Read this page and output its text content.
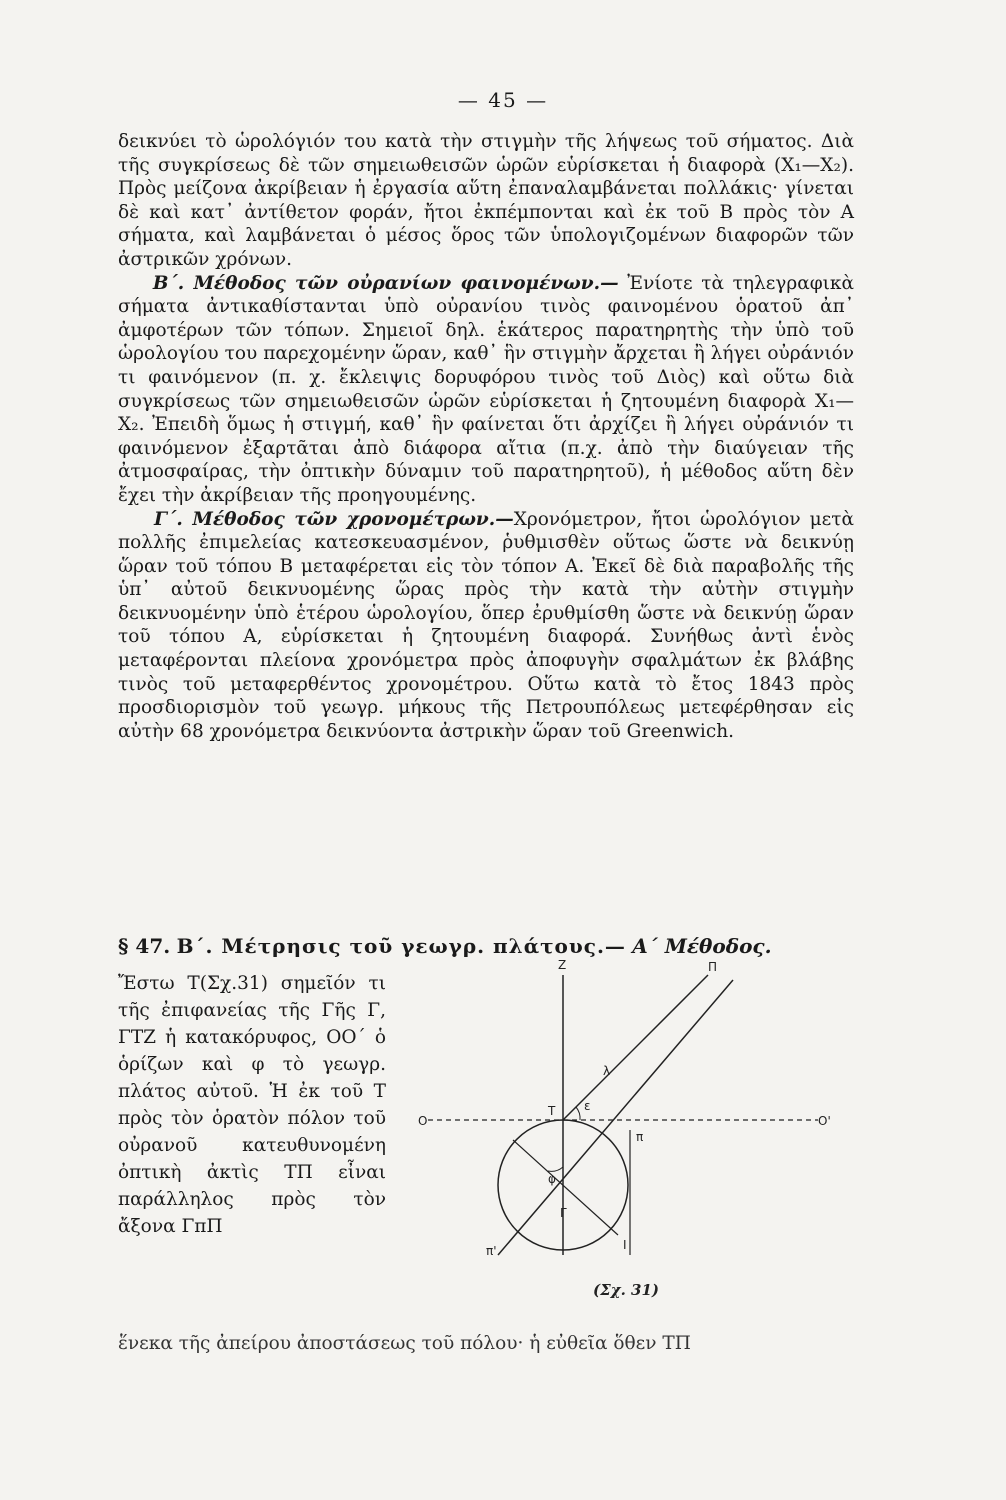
— 45 —

δεικνύει τὸ ὡρολόγιόν του κατὰ τὴν στιγμὴν τῆς λήψεως τοῦ σήματος. Διὰ τῆς συγκρίσεως δὲ τῶν σημειωθεισῶν ὡρῶν εὑρίσκεται ἡ διαφορὰ (X₁—X₂). Πρὸς μείζονα ἀκρίβειαν ἡ ἐργασία αὕτη ἐπαναλαμβάνεται πολλάκις· γίνεται δὲ καὶ κατ᾽ ἀντίθετον φοράν, ἤτοι ἐκπέμπονται καὶ ἐκ τοῦ B πρὸς τὸν A σήματα, καὶ λαμβάνεται ὁ μέσος ὅρος τῶν ὑπολογιζομένων διαφορῶν τῶν ἀστρικῶν χρόνων.

Β΄. Μέθοδος τῶν οὐρανίων φαινομένων.— Ἐνίοτε τὰ τηλεγραφικὰ σήματα ἀντικαθίστανται ὑπὸ οὐρανίου τινὸς φαινομένου ὁρατοῦ ἀπ᾽ ἀμφοτέρων τῶν τόπων. Σημειοῖ δηλ. ἑκάτερος παρατηρητὴς τὴν ὑπὸ τοῦ ὡρολογίου του παρεχομένην ὥραν, καθ᾽ ἣν στιγμὴν ἄρχεται ἢ λήγει οὐράνιόν τι φαινόμενον (π. χ. ἔκλειψις δορυφόρου τινὸς τοῦ Διὸς) καὶ οὕτω διὰ συγκρίσεως τῶν σημειωθεισῶν ὡρῶν εὑρίσκεται ἡ ζητουμένη διαφορὰ X₁—X₂. Ἐπειδὴ ὅμως ἡ στιγμή, καθ᾽ ἣν φαίνεται ὅτι ἀρχίζει ἢ λήγει οὐράνιόν τι φαινόμενον ἐξαρτᾶται ἀπὸ διάφορα αἴτια (π.χ. ἀπὸ τὴν διαύγειαν τῆς ἀτμοσφαίρας, τὴν ὀπτικὴν δύναμιν τοῦ παρατηρητοῦ), ἡ μέθοδος αὕτη δὲν ἔχει τὴν ἀκρίβειαν τῆς προηγουμένης.

Γ΄. Μέθοδος τῶν χρονομέτρων.—Χρονόμετρον, ἤτοι ὡρολόγιον μετὰ πολλῆς ἐπιμελείας κατεσκευασμένον, ῥυθμισθὲν οὕτως ὥστε νὰ δεικνύῃ ὥραν τοῦ τόπου B μεταφέρεται εἰς τὸν τόπον A. Ἐκεῖ δὲ διὰ παραβολῆς τῆς ὑπ᾽ αὐτοῦ δεικνυομένης ὥρας πρὸς τὴν κατὰ τὴν αὐτὴν στιγμὴν δεικνυομένην ὑπὸ ἑτέρου ὡρολογίου, ὅπερ ἐρυθμίσθη ὥστε νὰ δεικνύῃ ὥραν τοῦ τόπου A, εὑρίσκεται ἡ ζητουμένη διαφορά. Συνήθως ἀντὶ ἑνὸς μεταφέρονται πλείονα χρονόμετρα πρὸς ἀποφυγὴν σφαλμάτων ἐκ βλάβης τινὸς τοῦ μεταφερθέντος χρονομέτρου. Οὕτω κατὰ τὸ ἔτος 1843 πρὸς προσδιορισμὸν τοῦ γεωγρ. μήκους τῆς Πετρουπόλεως μετεφέρθησαν εἰς αὐτὴν 68 χρονόμετρα δεικνύοντα ἀστρικὴν ὥραν τοῦ Greenwich.

§ 47. Β΄. Μέτρησις τοῦ γεωγρ. πλάτους.— Α΄ Μέθοδος.

Ἔστω Τ(Σχ.31) σημεῖόν τι τῆς ἐπιφανείας τῆς Γῆς Γ, ΓΤΖ ἡ κατακόρυφος, ΟΟ΄ ὁ ὁρίζων καὶ φ τὸ γεωγρ. πλάτος αὐτοῦ. Ἡ ἐκ τοῦ Τ πρὸς τὸν ὁρατὸν πόλον τοῦ οὐρανοῦ κατευθυνομένη ὀπτικὴ ἀκτὶς ΤΠ εἶναι παράλληλος πρὸς τὸν ἄξονα ΓπΠ

Z	Π
O	O'
T ε
λ
π
φ
Γ
π'	Ι
(Σχ. 31)
ἕνεκα τῆς ἀπείρου ἀποστάσεως τοῦ πόλου· ἡ εὐθεῖα ὅθεν ΤΠ
